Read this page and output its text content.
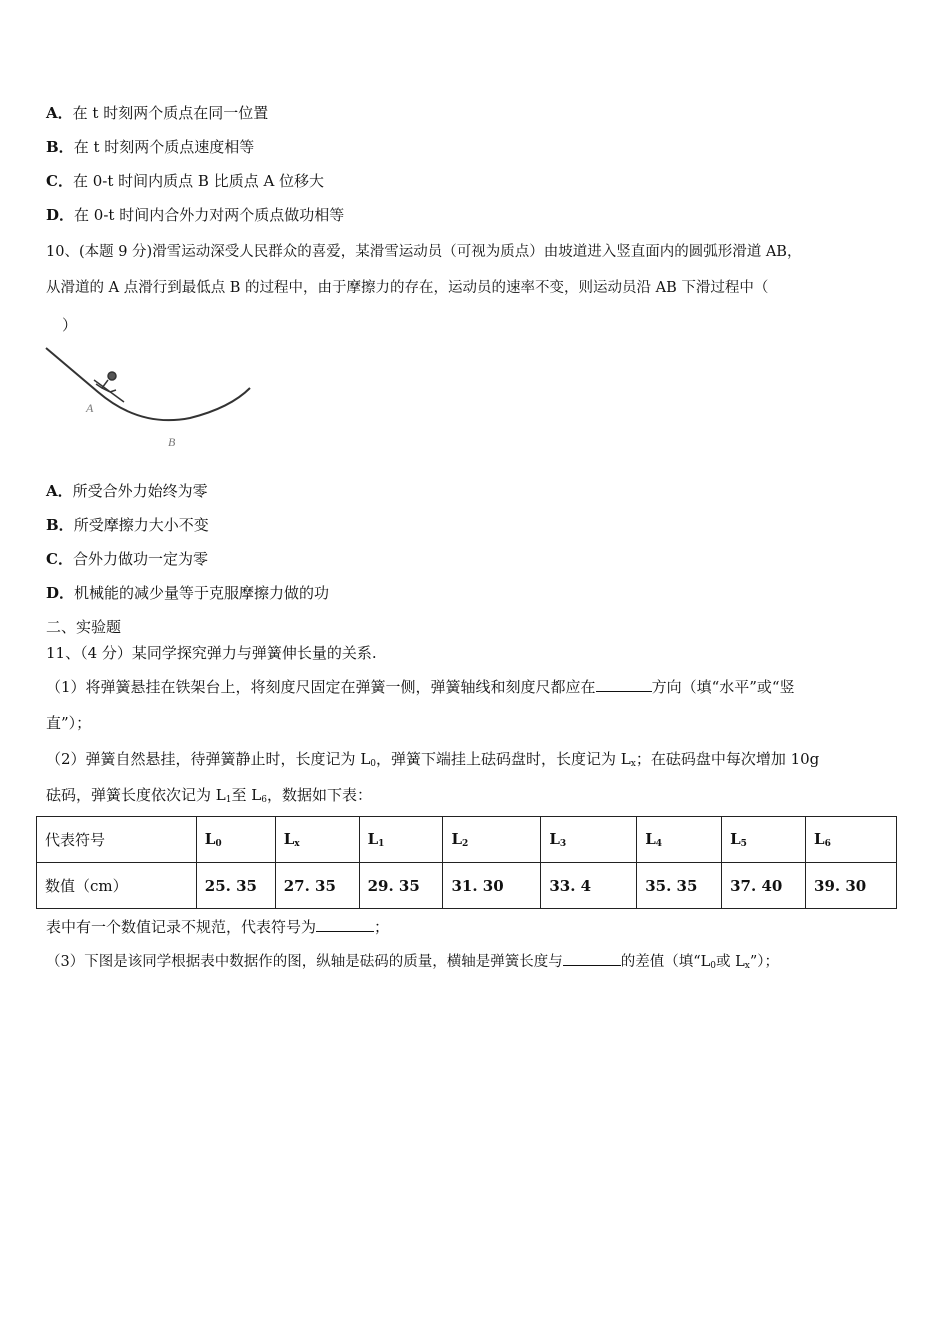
A．在 t 时刻两个质点在同一位置
B．在 t 时刻两个质点速度相等
C．在 0-t 时间内质点 B 比质点 A 位移大
D．在 0-t 时间内合外力对两个质点做功相等
10、(本题 9 分)滑雪运动深受人民群众的喜爱，某滑雪运动员（可视为质点）由坡道进入竖直面内的圆弧形滑道 AB，
从滑道的 A 点滑行到最低点 B 的过程中，由于摩擦力的存在，运动员的速率不变，则运动员沿 AB 下滑过程中（
）
A
B
A．所受合外力始终为零
B．所受摩擦力大小不变
C．合外力做功一定为零
D．机械能的减少量等于克服摩擦力做的功
二、实验题
11、（4 分）某同学探究弹力与弹簧伸长量的关系.
（1）将弹簧悬挂在铁架台上，将刻度尺固定在弹簧一侧，弹簧轴线和刻度尺都应在	方向（填“水平”或“竖
直”）；
（2）弹簧自然悬挂，待弹簧静止时，长度记为 $L_0$，弹簧下端挂上砝码盘时，长度记为 $L_x$；在砝码盘中每次增加 10g
砝码，弹簧长度依次记为 $L_1$至 $L_6$，数据如下表：
代表符号	$L_0$	$L_x$	$L_1$	$L_2$	$L_3$	$L_4$	$L_5$	$L_6$
数值（cm）	25. 35	27. 35	29. 35	31. 30	33. 4	35. 35	37. 40	39. 30
表中有一个数值记录不规范，代表符号为	；
（3）下图是该同学根据表中数据作的图，纵轴是砝码的质量，横轴是弹簧长度与	的差值（填“$L_0$或 $L_x$”）；
